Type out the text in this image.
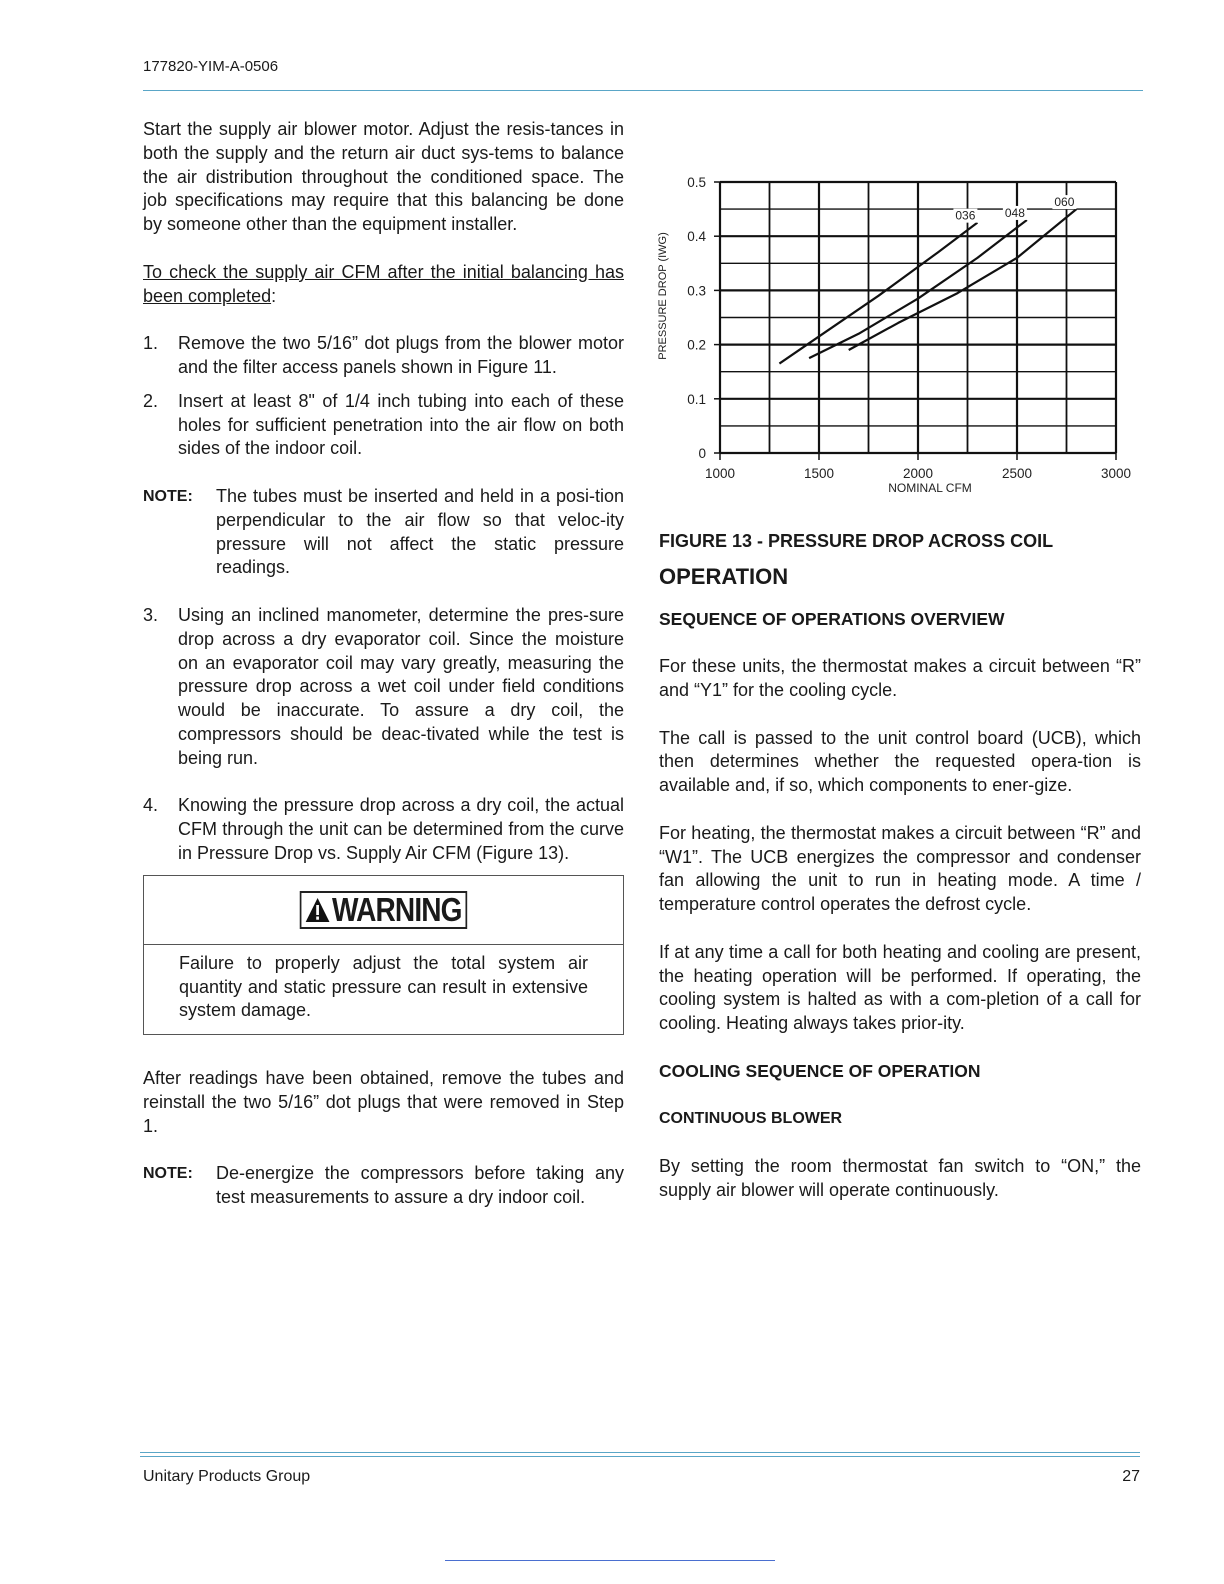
177820-YIM-A-0506

Start the supply air blower motor. Adjust the resis-tances in both the supply and the return air duct sys-tems to balance the air distribution throughout the conditioned space. The job specifications may require that this balancing be done by someone other than the equipment installer.

To check the supply air CFM after the initial balancing has been completed:

1. Remove the two 5/16” dot plugs from the blower motor and the filter access panels shown in Figure 11.
2. Insert at least 8" of 1/4 inch tubing into each of these holes for sufficient penetration into the air flow on both sides of the indoor coil.
NOTE: The tubes must be inserted and held in a posi-tion perpendicular to the air flow so that veloc-ity pressure will not affect the static pressure readings.
3. Using an inclined manometer, determine the pres-sure drop across a dry evaporator coil. Since the moisture on an evaporator coil may vary greatly, measuring the pressure drop across a wet coil under field conditions would be inaccurate. To assure a dry coil, the compressors should be deac-tivated while the test is being run.
4. Knowing the pressure drop across a dry coil, the actual CFM through the unit can be determined from the curve in Pressure Drop vs. Supply Air CFM (Figure 13).
WARNING
Failure to properly adjust the total system air quantity and static pressure can result in extensive system damage.

After readings have been obtained, remove the tubes and reinstall the two 5/16” dot plugs that were removed in Step 1.

NOTE: De-energize the compressors before taking any test measurements to assure a dry indoor coil.
0
0.1
0.2
0.3
0.4
0.5
1000	1500	2000	2500	3000
036 048
060
PRESSURE DROP (IWG)
NOMINAL CFM
FIGURE 13 - PRESSURE DROP ACROSS COIL
OPERATION
SEQUENCE OF OPERATIONS OVERVIEW

For these units, the thermostat makes a circuit between “R” and “Y1” for the cooling cycle.

The call is passed to the unit control board (UCB), which then determines whether the requested opera-tion is available and, if so, which components to ener-gize.

For heating, the thermostat makes a circuit between “R” and “W1”. The UCB energizes the compressor and condenser fan allowing the unit to run in heating mode. A time / temperature control operates the defrost cycle.

If at any time a call for both heating and cooling are present, the heating operation will be performed. If operating, the cooling system is halted as with a com-pletion of a call for cooling. Heating always takes prior-ity.

COOLING SEQUENCE OF OPERATION
CONTINUOUS BLOWER

By setting the room thermostat fan switch to “ON,” the supply air blower will operate continuously.

Unitary Products Group	27
